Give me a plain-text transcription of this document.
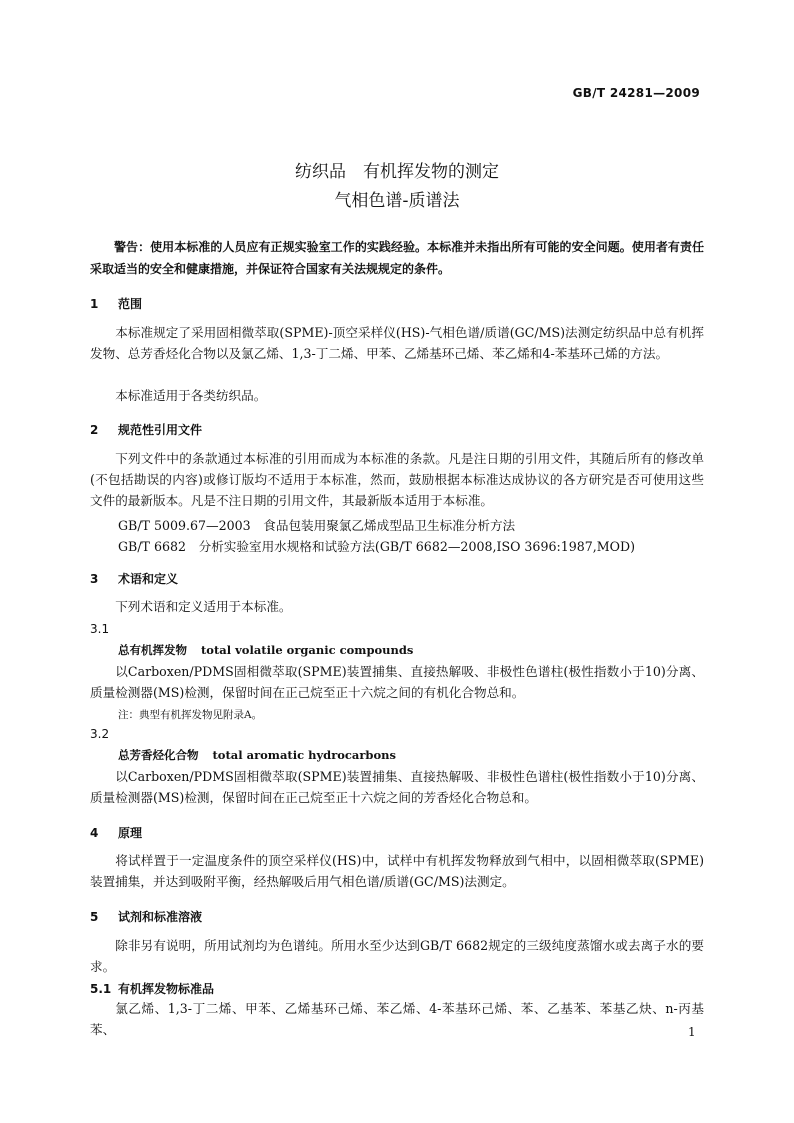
GB/T 24281—2009
纺织品　有机挥发物的测定
气相色谱-质谱法
警告：使用本标准的人员应有正规实验室工作的实践经验。本标准并未指出所有可能的安全问题。使用者有责任采取适当的安全和健康措施，并保证符合国家有关法规规定的条件。
1 范围
本标准规定了采用固相微萃取(SPME)-顶空采样仪(HS)-气相色谱/质谱(GC/MS)法测定纺织品中总有机挥发物、总芳香烃化合物以及氯乙烯、1,3-丁二烯、甲苯、乙烯基环己烯、苯乙烯和4-苯基环己烯的方法。
本标准适用于各类纺织品。
2 规范性引用文件
下列文件中的条款通过本标准的引用而成为本标准的条款。凡是注日期的引用文件，其随后所有的修改单(不包括勘误的内容)或修订版均不适用于本标准，然而，鼓励根据本标准达成协议的各方研究是否可使用这些文件的最新版本。凡是不注日期的引用文件，其最新版本适用于本标准。
GB/T 5009.67—2003　食品包装用聚氯乙烯成型品卫生标准分析方法
GB/T 6682　分析实验室用水规格和试验方法(GB/T 6682—2008,ISO 3696:1987,MOD)
3 术语和定义
下列术语和定义适用于本标准。
3.1
总有机挥发物 total volatile organic compounds
以Carboxen/PDMS固相微萃取(SPME)装置捕集、直接热解吸、非极性色谱柱(极性指数小于10)分离、质量检测器(MS)检测，保留时间在正己烷至正十六烷之间的有机化合物总和。
注：典型有机挥发物见附录A。
3.2
总芳香烃化合物 total aromatic hydrocarbons
以Carboxen/PDMS固相微萃取(SPME)装置捕集、直接热解吸、非极性色谱柱(极性指数小于10)分离、质量检测器(MS)检测，保留时间在正己烷至正十六烷之间的芳香烃化合物总和。
4 原理
将试样置于一定温度条件的顶空采样仪(HS)中，试样中有机挥发物释放到气相中，以固相微萃取(SPME)装置捕集，并达到吸附平衡，经热解吸后用气相色谱/质谱(GC/MS)法测定。
5 试剂和标准溶液
除非另有说明，所用试剂均为色谱纯。所用水至少达到GB/T 6682规定的三级纯度蒸馏水或去离子水的要求。
5.1 有机挥发物标准品
氯乙烯、1,3-丁二烯、甲苯、乙烯基环己烯、苯乙烯、4-苯基环己烯、苯、乙基苯、苯基乙炔、n-丙基苯、	1
